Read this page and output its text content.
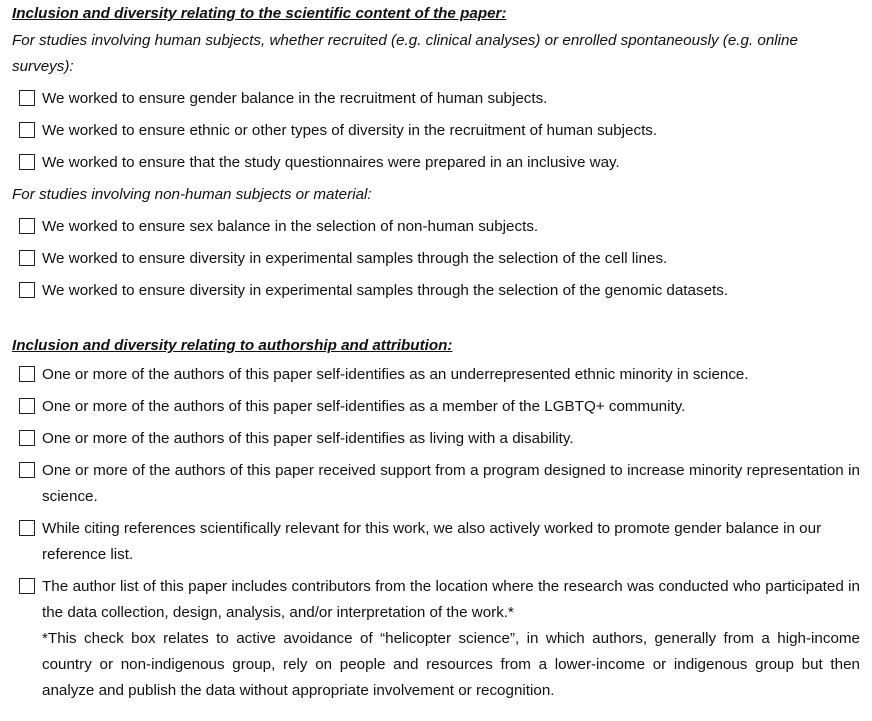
Inclusion and diversity relating to the scientific content of the paper:

For studies involving human subjects, whether recruited (e.g. clinical analyses) or enrolled spontaneously (e.g. online surveys):

We worked to ensure gender balance in the recruitment of human subjects.
We worked to ensure ethnic or other types of diversity in the recruitment of human subjects.
We worked to ensure that the study questionnaires were prepared in an inclusive way.

For studies involving non-human subjects or material:

We worked to ensure sex balance in the selection of non-human subjects.
We worked to ensure diversity in experimental samples through the selection of the cell lines.
We worked to ensure diversity in experimental samples through the selection of the genomic datasets.

Inclusion and diversity relating to authorship and attribution:

One or more of the authors of this paper self-identifies as an underrepresented ethnic minority in science.
One or more of the authors of this paper self-identifies as a member of the LGBTQ+ community.
One or more of the authors of this paper self-identifies as living with a disability.
One or more of the authors of this paper received support from a program designed to increase minority representation in science.
While citing references scientifically relevant for this work, we also actively worked to promote gender balance in our reference list.
The author list of this paper includes contributors from the location where the research was conducted who participated in the data collection, design, analysis, and/or interpretation of the work.*
*This check box relates to active avoidance of “helicopter science”, in which authors, generally from a high-income country or non-indigenous group, rely on people and resources from a lower-income or indigenous group but then analyze and publish the data without appropriate involvement or recognition.
